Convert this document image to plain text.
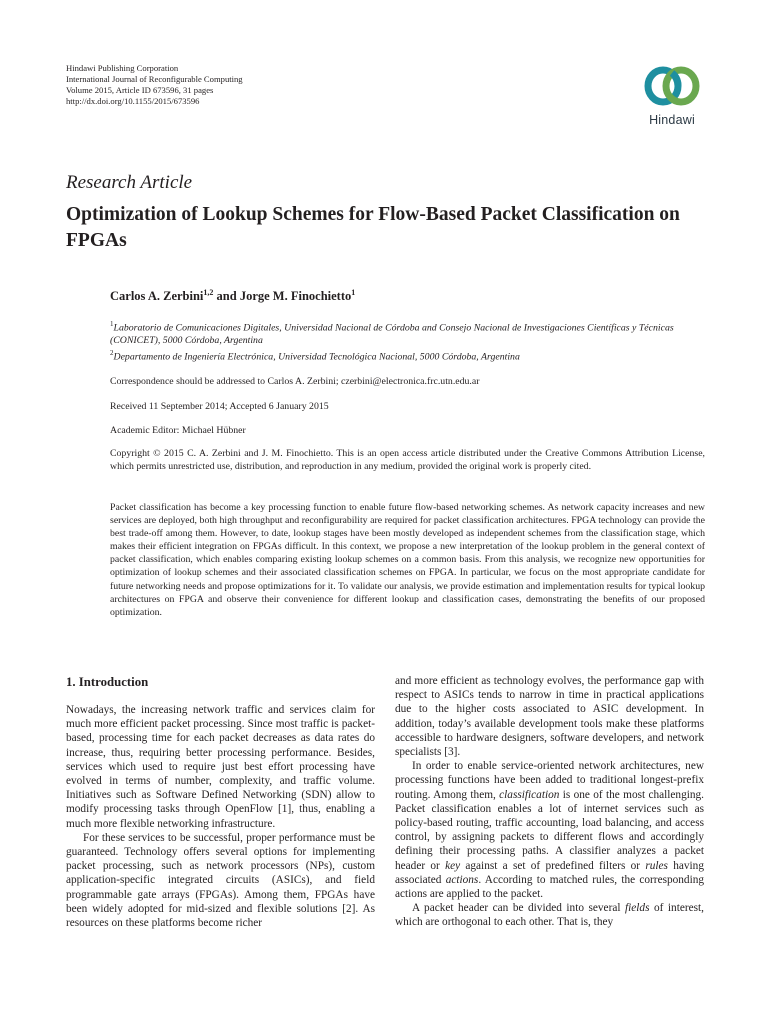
Hindawi Publishing Corporation
International Journal of Reconfigurable Computing
Volume 2015, Article ID 673596, 31 pages
http://dx.doi.org/10.1155/2015/673596
Hindawi
Research Article
Optimization of Lookup Schemes for Flow-Based Packet Classification on FPGAs
Carlos A. Zerbini$^{1,2}$ and Jorge M. Finochietto$^1$
$^1$Laboratorio de Comunicaciones Digitales, Universidad Nacional de Córdoba and Consejo Nacional de Investigaciones Científicas y Técnicas (CONICET), 5000 Córdoba, Argentina
$^2$Departamento de Ingeniería Electrónica, Universidad Tecnológica Nacional, 5000 Córdoba, Argentina
Correspondence should be addressed to Carlos A. Zerbini; czerbini@electronica.frc.utn.edu.ar
Received 11 September 2014; Accepted 6 January 2015
Academic Editor: Michael Hübner
Copyright © 2015 C. A. Zerbini and J. M. Finochietto. This is an open access article distributed under the Creative Commons Attribution License, which permits unrestricted use, distribution, and reproduction in any medium, provided the original work is properly cited.

Packet classification has become a key processing function to enable future flow-based networking schemes. As network capacity increases and new services are deployed, both high throughput and reconfigurability are required for packet classification architectures. FPGA technology can provide the best trade-off among them. However, to date, lookup stages have been mostly developed as independent schemes from the classification stage, which makes their efficient integration on FPGAs difficult. In this context, we propose a new interpretation of the lookup problem in the general context of packet classification, which enables comparing existing lookup schemes on a common basis. From this analysis, we recognize new opportunities for optimization of lookup schemes and their associated classification schemes on FPGA. In particular, we focus on the most appropriate candidate for future networking needs and propose optimizations for it. To validate our analysis, we provide estimation and implementation results for typical lookup architectures on FPGA and observe their convenience for different lookup and classification cases, demonstrating the benefits of our proposed optimization.

1. Introduction

Nowadays, the increasing network traffic and services claim for much more efficient packet processing. Since most traffic is packet-based, processing time for each packet decreases as data rates do increase, thus, requiring better processing performance. Besides, services which used to require just best effort processing have evolved in terms of number, complexity, and traffic volume. Initiatives such as Software Defined Networking (SDN) allow to modify processing tasks through OpenFlow [1], thus, enabling a much more flexible networking infrastructure.

For these services to be successful, proper performance must be guaranteed. Technology offers several options for implementing packet processing, such as network processors (NPs), custom application-specific integrated circuits (ASICs), and field programmable gate arrays (FPGAs). Among them, FPGAs have been widely adopted for mid-sized and flexible solutions [2]. As resources on these platforms become richer

and more efficient as technology evolves, the performance gap with respect to ASICs tends to narrow in time in practical applications due to the higher costs associated to ASIC development. In addition, today’s available development tools make these platforms accessible to hardware designers, software developers, and network specialists [3].

In order to enable service-oriented network architectures, new processing functions have been added to traditional longest-prefix routing. Among them, classification is one of the most challenging. Packet classification enables a lot of internet services such as policy-based routing, traffic accounting, load balancing, and access control, by assigning packets to different flows and accordingly defining their processing paths. A classifier analyzes a packet header or key against a set of predefined filters or rules having associated actions. According to matched rules, the corresponding actions are applied to the packet.

A packet header can be divided into several fields of interest, which are orthogonal to each other. That is, they
